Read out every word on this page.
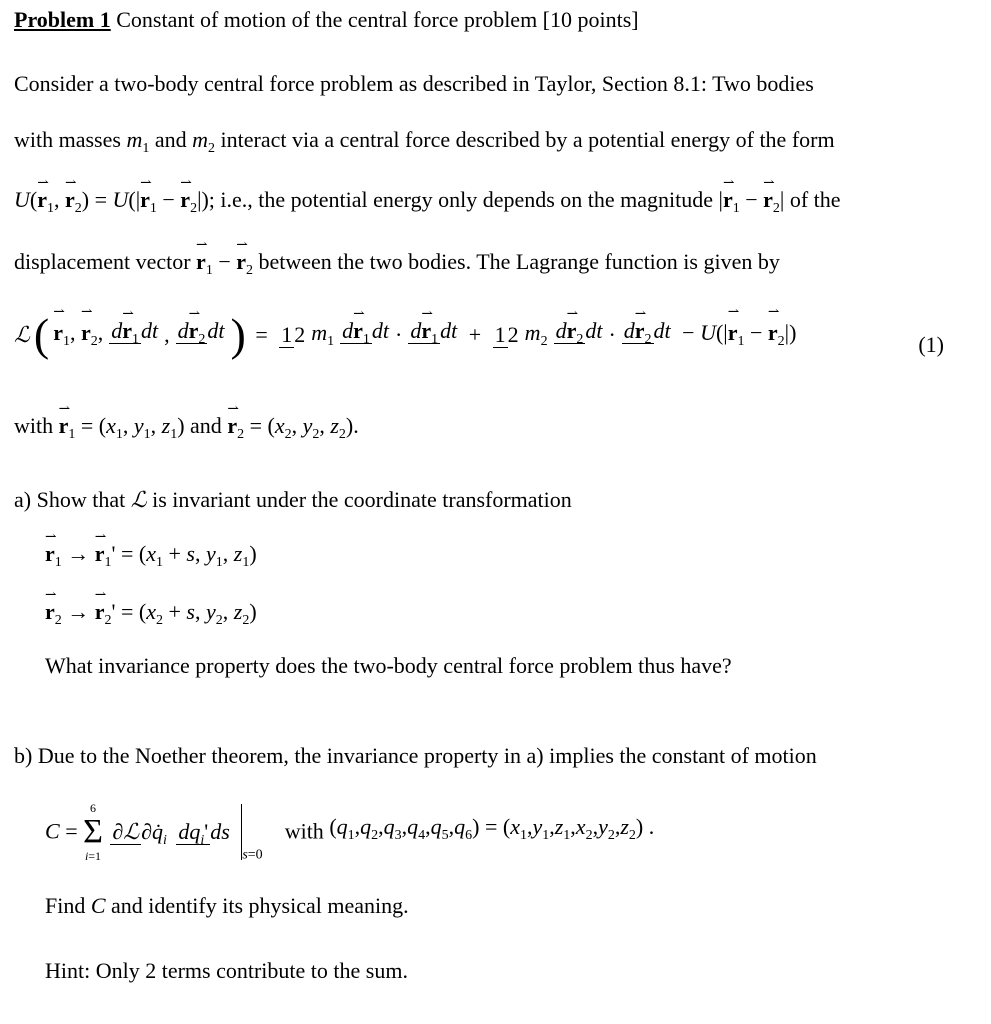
Problem 1 Constant of motion of the central force problem [10 points]
Consider a two-body central force problem as described in Taylor, Section 8.1: Two bodies
with masses $m_1$ and $m_2$ interact via a central force described by a potential energy of the form
U(⇀ $r_1$, ⇀ $r_2$) = U(|⇀ $r_1$ − ⇀ $r_2|$); i.e., the potential energy only depends on the magnitude |⇀ $r_1$ − ⇀ $r_2|$ of the
displacement vector ⇀ $r_1$ − ⇀ $r_2$ between the two bodies. The Lagrange function is given by
ℒ ( ⇀ $r_1$, ⇀ $r_2$, d⇀ $r_1dt$ , d⇀ $r_2dt$ )  =  12 $m_1$ d⇀ $r_1dt$ · d⇀ $r_1dt + 12$ $m_2$ d⇀ $r_2dt$ · d⇀ $r_2dt$  − U(|⇀ $r_1$ − ⇀ $r_2|$)	(1)
with ⇀ $r_1 = (x_1$, $y_1$, $z_1$) and ⇀ $r_2 = (x_2$, $y_2$, $z_2$).
a) Show that ℒ is invariant under the coordinate transformation
⇀ $r_1$ → ⇀ $r_1' = (x_1 + s$, $y_1$, $z_1$)
⇀ $r_2$ → ⇀ $r_2' = (x_2 + s$, $y_2$, $z_2$)
What invariance property does the two-body central force problem thus have?
b) Due to the Noether theorem, the invariance property in a) implies the constant of motion
C =
6
Σ
i=1
$\partial ℒ\partial q̇_i$ $dq_i'ds$ $_{s=0}$    with $(q_1,q_2,q_3,q_4,q_5,q_6) = (x_1,y_1,z_1,x_2,y_2,z_2)$ .
Find C and identify its physical meaning.
Hint: Only 2 terms contribute to the sum.
